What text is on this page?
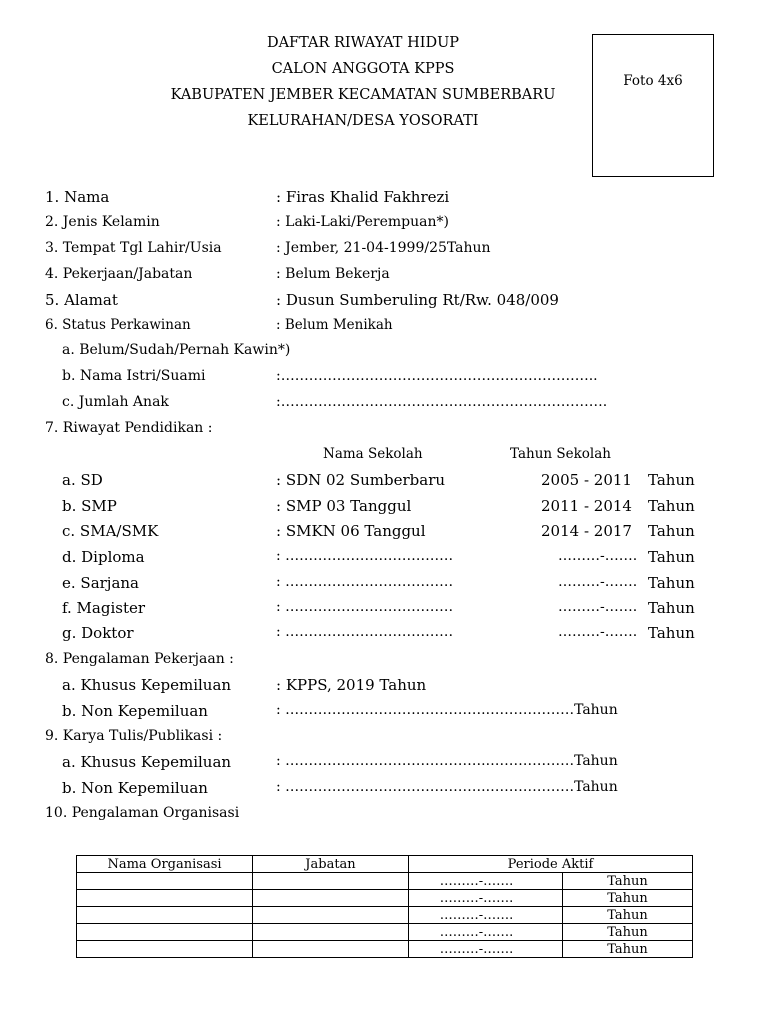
DAFTAR RIWAYAT HIDUP
CALON ANGGOTA KPPS
KABUPATEN JEMBER KECAMATAN SUMBERBARU
KELURAHAN/DESA YOSORATI
Foto 4x6
1. Nama	: Firas Khalid Fakhrezi
2. Jenis Kelamin	: Laki-Laki/Perempuan*)
3. Tempat Tgl Lahir/Usia	: Jember, 21-04-1999/25Tahun
4. Pekerjaan/Jabatan	: Belum Bekerja
5. Alamat	: Dusun Sumberuling Rt/Rw. 048/009
6. Status Perkawinan	: Belum Menikah
a. Belum/Sudah/Pernah Kawin*)
b. Nama Istri/Suami	:…………………………………………………………..
c. Jumlah Anak	:…………………………………………………………….
7. Riwayat Pendidikan :
Nama Sekolah	Tahun Sekolah
a. SD	: SDN 02 Sumberbaru	2005 - 2011 Tahun
b. SMP	: SMP 03 Tanggul	2011 - 2014 Tahun
c. SMA/SMK	: SMKN 06 Tanggul	2014 - 2017 Tahun
d. Diploma	: ………………………………	………-……. Tahun
e. Sarjana	: ………………………………	………-……. Tahun
f. Magister	: ………………………………	………-……. Tahun
g. Doktor	: ………………………………	………-……. Tahun
8. Pengalaman Pekerjaan :
a. Khusus Kepemiluan	: KPPS, 2019 Tahun
b. Non Kepemiluan	: ……………………………………..………………Tahun
9. Karya Tulis/Publikasi :
a. Khusus Kepemiluan	: ……………………………………..………………Tahun
b. Non Kepemiluan	: ……………………………………..………………Tahun
10. Pengalaman Organisasi
Nama Organisasi	Jabatan	Periode Aktif	
		………-…….	Tahun
		………-…….	Tahun
		………-…….	Tahun
		………-…….	Tahun
		………-…….	Tahun
